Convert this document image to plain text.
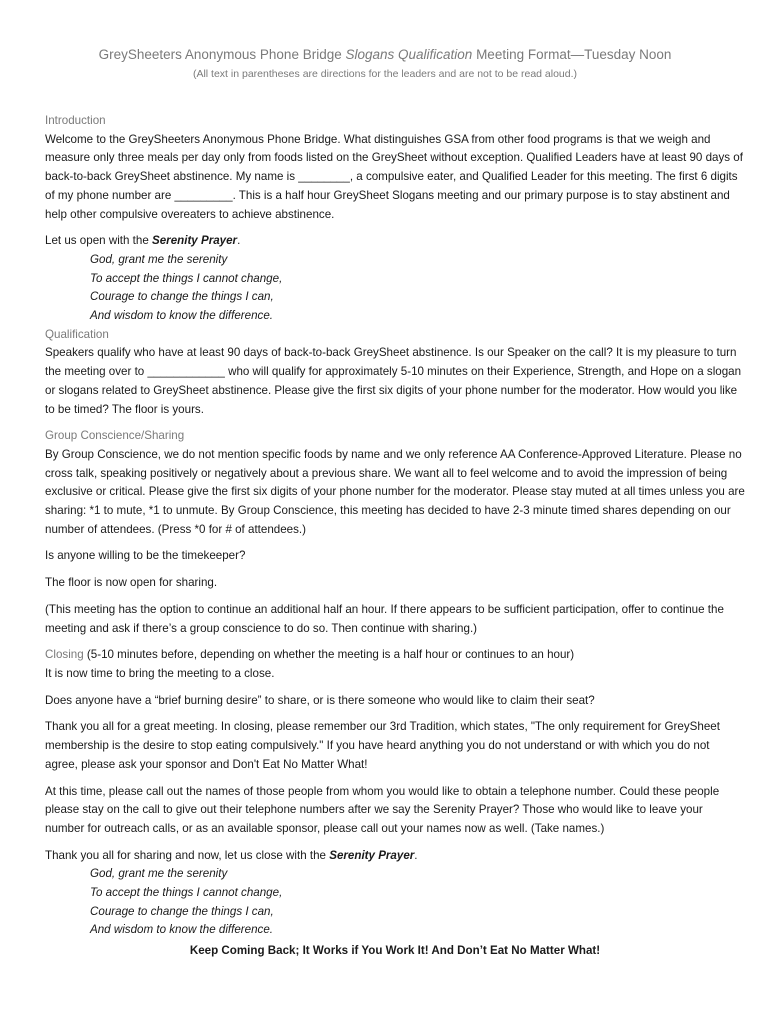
GreySheeters Anonymous Phone Bridge Slogans Qualification Meeting Format—Tuesday Noon
(All text in parentheses are directions for the leaders and are not to be read aloud.)

Introduction

Welcome to the GreySheeters Anonymous Phone Bridge. What distinguishes GSA from other food programs is that we weigh and measure only three meals per day only from foods listed on the GreySheet without exception. Qualified Leaders have at least 90 days of back-to-back GreySheet abstinence. My name is ________, a compulsive eater, and Qualified Leader for this meeting. The first 6 digits of my phone number are _________. This is a half hour GreySheet Slogans meeting and our primary purpose is to stay abstinent and help other compulsive overeaters to achieve abstinence.

Let us open with the Serenity Prayer.

God, grant me the serenity

To accept the things I cannot change,

Courage to change the things I can,

And wisdom to know the difference.

Qualification

Speakers qualify who have at least 90 days of back-to-back GreySheet abstinence. Is our Speaker on the call? It is my pleasure to turn the meeting over to ____________ who will qualify for approximately 5-10 minutes on their Experience, Strength, and Hope on a slogan or slogans related to GreySheet abstinence. Please give the first six digits of your phone number for the moderator. How would you like to be timed? The floor is yours.

Group Conscience/Sharing

By Group Conscience, we do not mention specific foods by name and we only reference AA Conference-Approved Literature. Please no cross talk, speaking positively or negatively about a previous share. We want all to feel welcome and to avoid the impression of being exclusive or critical. Please give the first six digits of your phone number for the moderator. Please stay muted at all times unless you are sharing: *1 to mute, *1 to unmute. By Group Conscience, this meeting has decided to have 2-3 minute timed shares depending on our number of attendees. (Press *0 for # of attendees.)

Is anyone willing to be the timekeeper?

The floor is now open for sharing.

(This meeting has the option to continue an additional half an hour. If there appears to be sufficient participation, offer to continue the meeting and ask if there’s a group conscience to do so. Then continue with sharing.)

Closing (5-10 minutes before, depending on whether the meeting is a half hour or continues to an hour)

It is now time to bring the meeting to a close.

Does anyone have a “brief burning desire” to share, or is there someone who would like to claim their seat?

Thank you all for a great meeting. In closing, please remember our 3rd Tradition, which states, "The only requirement for GreySheet membership is the desire to stop eating compulsively." If you have heard anything you do not understand or with which you do not agree, please ask your sponsor and Don't Eat No Matter What!

At this time, please call out the names of those people from whom you would like to obtain a telephone number. Could these people please stay on the call to give out their telephone numbers after we say the Serenity Prayer? Those who would like to leave your number for outreach calls, or as an available sponsor, please call out your names now as well. (Take names.)

Thank you all for sharing and now, let us close with the Serenity Prayer.

God, grant me the serenity

To accept the things I cannot change,

Courage to change the things I can,

And wisdom to know the difference.

Keep Coming Back; It Works if You Work It! And Don’t Eat No Matter What!
